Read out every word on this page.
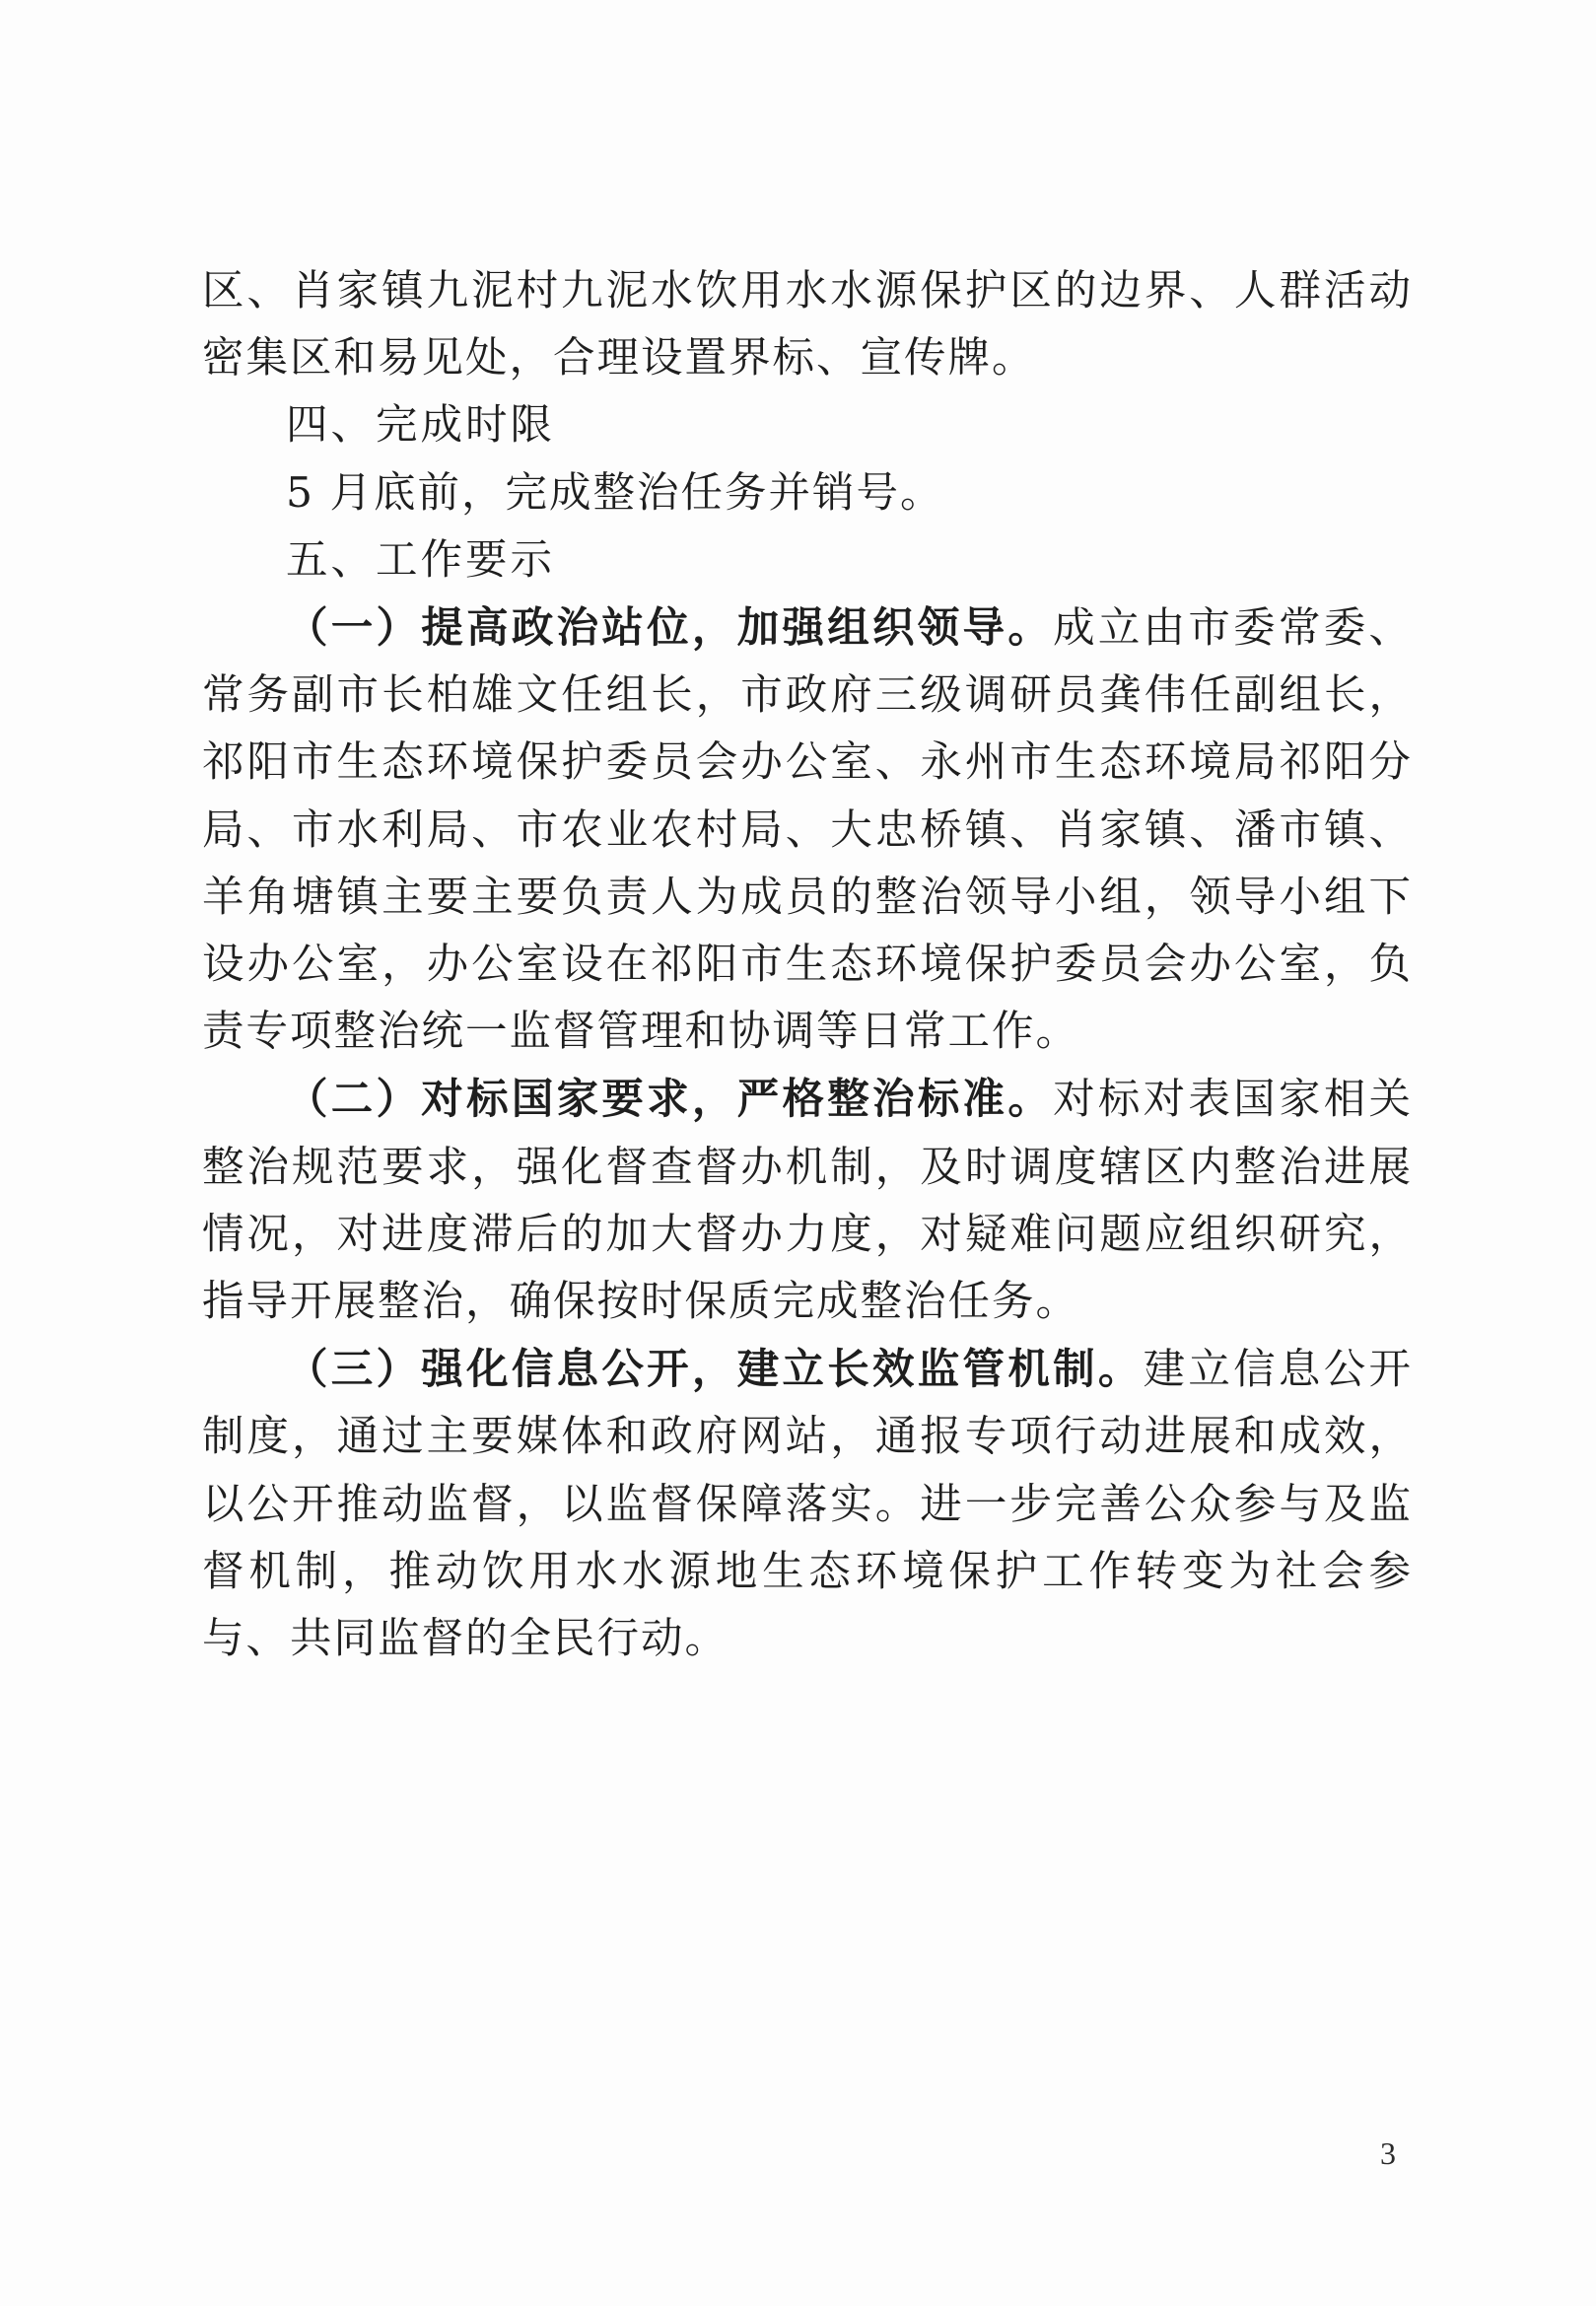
区、肖家镇九泥村九泥水饮用水水源保护区的边界、人群活动密集区和易见处，合理设置界标、宣传牌。

四、完成时限

5 月底前，完成整治任务并销号。

五、工作要示

（一）提高政治站位，加强组织领导。成立由市委常委、常务副市长柏雄文任组长，市政府三级调研员龚伟任副组长，祁阳市生态环境保护委员会办公室、永州市生态环境局祁阳分局、市水利局、市农业农村局、大忠桥镇、肖家镇、潘市镇、羊角塘镇主要主要负责人为成员的整治领导小组，领导小组下设办公室，办公室设在祁阳市生态环境保护委员会办公室，负责专项整治统一监督管理和协调等日常工作。

（二）对标国家要求，严格整治标准。对标对表国家相关整治规范要求，强化督查督办机制，及时调度辖区内整治进展情况，对进度滞后的加大督办力度，对疑难问题应组织研究，指导开展整治，确保按时保质完成整治任务。

（三）强化信息公开，建立长效监管机制。建立信息公开制度，通过主要媒体和政府网站，通报专项行动进展和成效，以公开推动监督，以监督保障落实。进一步完善公众参与及监督机制，推动饮用水水源地生态环境保护工作转变为社会参与、共同监督的全民行动。

3
